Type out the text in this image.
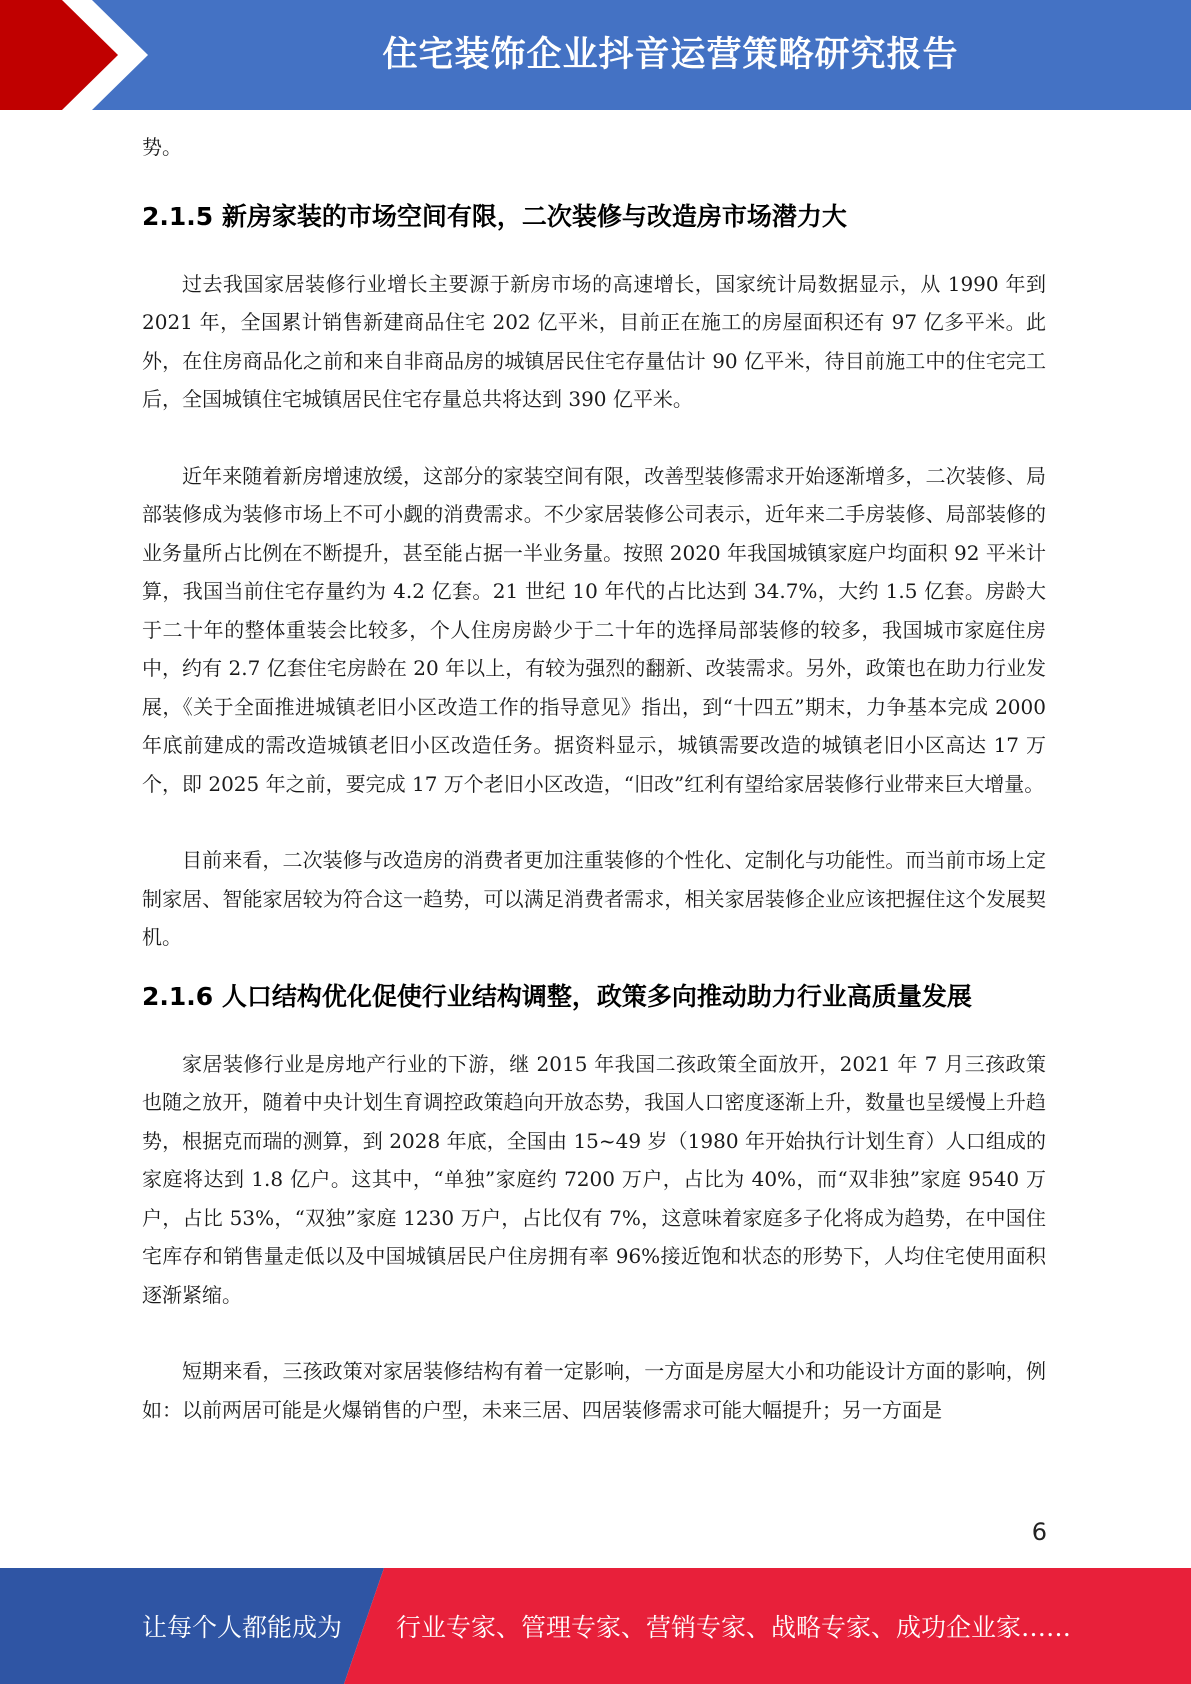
住宅装饰企业抖音运营策略研究报告

势。

2.1.5 新房家装的市场空间有限，二次装修与改造房市场潜力大

过去我国家居装修行业增长主要源于新房市场的高速增长，国家统计局数据显示，从 1990 年到 2021 年，全国累计销售新建商品住宅 202 亿平米，目前正在施工的房屋面积还有 97 亿多平米。此外，在住房商品化之前和来自非商品房的城镇居民住宅存量估计 90 亿平米，待目前施工中的住宅完工后，全国城镇住宅城镇居民住宅存量总共将达到 390 亿平米。

近年来随着新房增速放缓，这部分的家装空间有限，改善型装修需求开始逐渐增多，二次装修、局部装修成为装修市场上不可小觑的消费需求。不少家居装修公司表示，近年来二手房装修、局部装修的业务量所占比例在不断提升，甚至能占据一半业务量。按照 2020 年我国城镇家庭户均面积 92 平米计算，我国当前住宅存量约为 4.2 亿套。21 世纪 10 年代的占比达到 34.7%，大约 1.5 亿套。房龄大于二十年的整体重装会比较多，个人住房房龄少于二十年的选择局部装修的较多，我国城市家庭住房中，约有 2.7 亿套住宅房龄在 20 年以上，有较为强烈的翻新、改装需求。另外，政策也在助力行业发展，《关于全面推进城镇老旧小区改造工作的指导意见》指出，到“十四五”期末，力争基本完成 2000 年底前建成的需改造城镇老旧小区改造任务。据资料显示，城镇需要改造的城镇老旧小区高达 17 万个，即 2025 年之前，要完成 17 万个老旧小区改造，“旧改”红利有望给家居装修行业带来巨大增量。

目前来看，二次装修与改造房的消费者更加注重装修的个性化、定制化与功能性。而当前市场上定制家居、智能家居较为符合这一趋势，可以满足消费者需求，相关家居装修企业应该把握住这个发展契机。

2.1.6 人口结构优化促使行业结构调整，政策多向推动助力行业高质量发展

家居装修行业是房地产行业的下游，继 2015 年我国二孩政策全面放开，2021 年 7 月三孩政策也随之放开，随着中央计划生育调控政策趋向开放态势，我国人口密度逐渐上升，数量也呈缓慢上升趋势，根据克而瑞的测算，到 2028 年底，全国由 15~49 岁（1980 年开始执行计划生育）人口组成的家庭将达到 1.8 亿户。这其中，“单独”家庭约 7200 万户，占比为 40%，而“双非独”家庭 9540 万户，占比 53%，“双独”家庭 1230 万户，占比仅有 7%，这意味着家庭多子化将成为趋势，在中国住宅库存和销售量走低以及中国城镇居民户住房拥有率 96%接近饱和状态的形势下，人均住宅使用面积逐渐紧缩。

短期来看，三孩政策对家居装修结构有着一定影响，一方面是房屋大小和功能设计方面的影响，例如：以前两居可能是火爆销售的户型，未来三居、四居装修需求可能大幅提升；另一方面是

6
让每个人都能成为 行业专家、管理专家、营销专家、战略专家、成功企业家……
